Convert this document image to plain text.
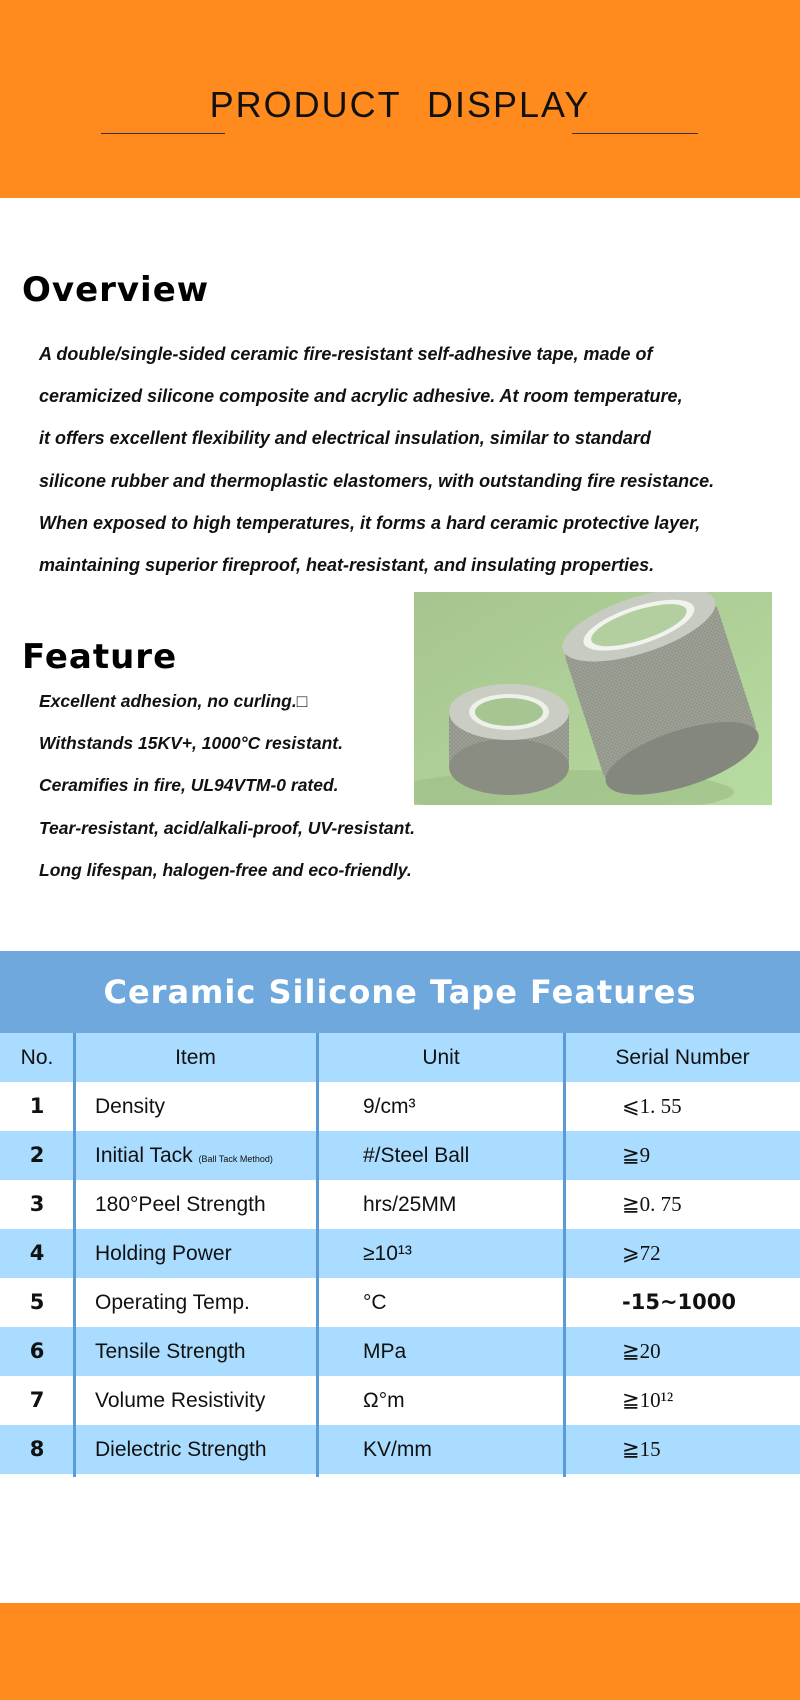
PRODUCT DISPLAY
Overview

A double/single-sided ceramic fire-resistant self-adhesive tape, made of
ceramicized silicone composite and acrylic adhesive. At room temperature,
it offers excellent flexibility and electrical insulation, similar to standard
silicone rubber and thermoplastic elastomers, with outstanding fire resistance.
When exposed to high temperatures, it forms a hard ceramic protective layer,
maintaining superior fireproof, heat-resistant, and insulating properties.

Feature
Excellent adhesion, no curling.□
Withstands 15KV+, 1000°C resistant.
Ceramifies in fire, UL94VTM-0 rated.
Tear-resistant, acid/alkali-proof, UV-resistant.
Long lifespan, halogen-free and eco-friendly.
Ceramic Silicone Tape Features
No.	Item	Unit	Serial Number
1	Density	9/cm³	⩽1. 55
2	Initial Tack (Ball Tack Method)	#/Steel Ball	≧9
3	180°Peel Strength	hrs/25MM	≧0. 75
4	Holding Power	≥10¹³	⩾72
5	Operating Temp.	°C	-15~1000
6	Tensile Strength	MPa	≧20
7	Volume Resistivity	Ω°m	≧10¹²
8	Dielectric Strength	KV/mm	≧15
